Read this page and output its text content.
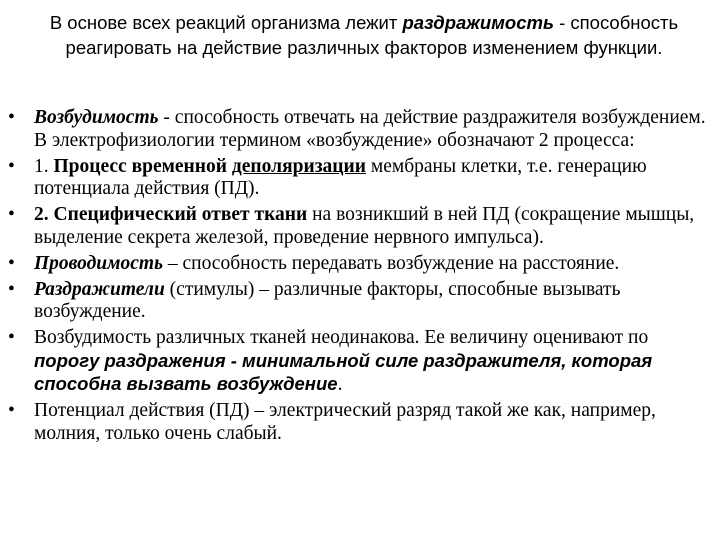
В основе всех реакций организма лежит раздражимость - способность реагировать на действие различных факторов изменением функции.
• Возбудимость - способность отвечать на действие раздражителя возбуждением. В электрофизиологии термином «возбуждение» обозначают 2 процесса:
• 1. Процесс временной деполяризации мембраны клетки, т.е. генерацию потенциала действия (ПД).
• 2. Специфический ответ ткани на возникший в ней ПД (сокращение мышцы, выделение секрета железой, проведение нервного импульса).
• Проводимость – способность передавать возбуждение на расстояние.
• Раздражители (стимулы) – различные факторы, способные вызывать возбуждение.
• Возбудимость различных тканей неодинакова. Ее величину оценивают по порогу раздражения - минимальной силе раздражителя, которая способна вызвать возбуждение.
• Потенциал действия (ПД) – электрический разряд такой же как, например, молния, только очень слабый.
